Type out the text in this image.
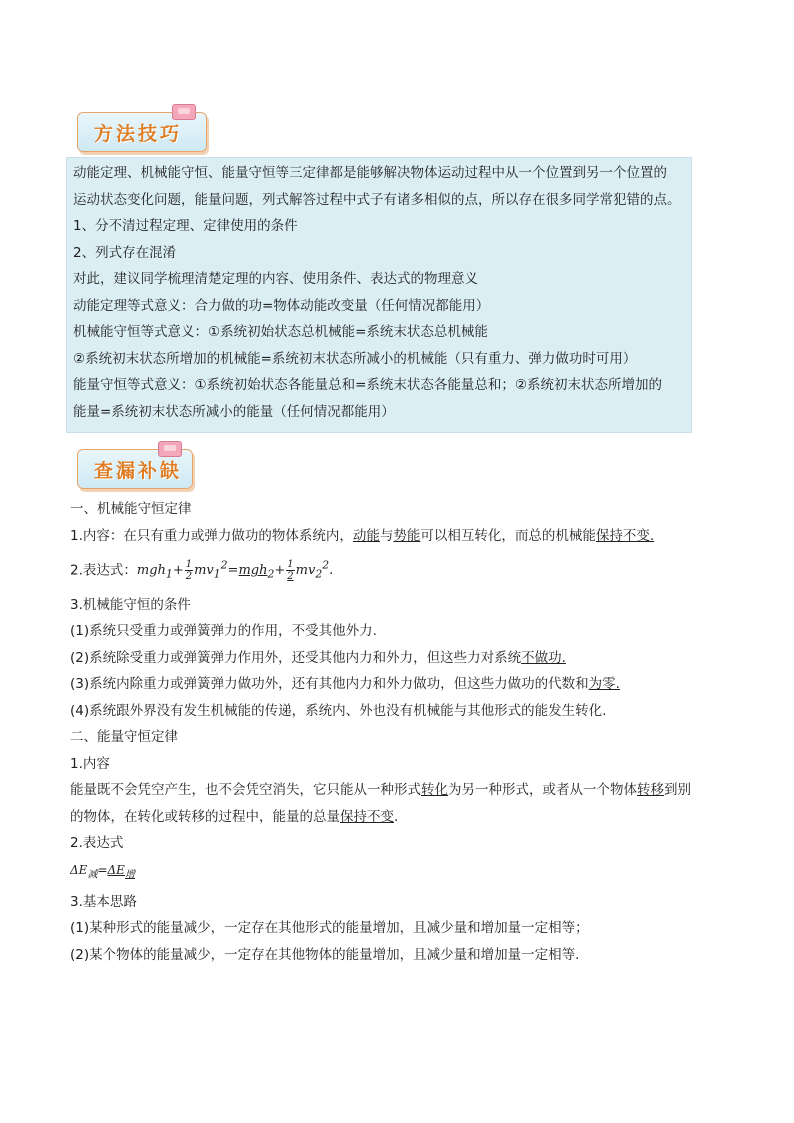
方法技巧

动能定理、机械能守恒、能量守恒等三定律都是能够解决物体运动过程中从一个位置到另一个位置的

运动状态变化问题，能量问题，列式解答过程中式子有诸多相似的点，所以存在很多同学常犯错的点。

1、分不清过程定理、定律使用的条件

2、列式存在混淆

对此，建议同学梳理清楚定理的内容、使用条件、表达式的物理意义

动能定理等式意义：合力做的功=物体动能改变量（任何情况都能用）

机械能守恒等式意义：①系统初始状态总机械能=系统末状态总机械能

②系统初末状态所增加的机械能=系统初末状态所减小的机械能（只有重力、弹力做功时可用）

能量守恒等式意义：①系统初始状态各能量总和=系统末状态各能量总和；②系统初末状态所增加的

能量=系统初末状态所减小的能量（任何情况都能用）

查漏补缺
一、机械能守恒定律
1.内容：在只有重力或弹力做功的物体系统内，动能与势能可以相互转化，而总的机械能保持不变.
2.表达式：$mgh_1+ \frac{1}{2} mv_1^2=mgh_2+ \frac{1}{2} mv_2^2$.
3.机械能守恒的条件
(1)系统只受重力或弹簧弹力的作用，不受其他外力.
(2)系统除受重力或弹簧弹力作用外，还受其他内力和外力，但这些力对系统不做功.
(3)系统内除重力或弹簧弹力做功外，还有其他内力和外力做功，但这些力做功的代数和为零.
(4)系统跟外界没有发生机械能的传递，系统内、外也没有机械能与其他形式的能发生转化.
二、能量守恒定律
1.内容
能量既不会凭空产生，也不会凭空消失，它只能从一种形式转化为另一种形式，或者从一个物体转移到别
的物体，在转化或转移的过程中，能量的总量保持不变.
2.表达式
$\Delta E_减=\Delta E_增$
3.基本思路
(1)某种形式的能量减少，一定存在其他形式的能量增加，且减少量和增加量一定相等；
(2)某个物体的能量减少，一定存在其他物体的能量增加，且减少量和增加量一定相等.
